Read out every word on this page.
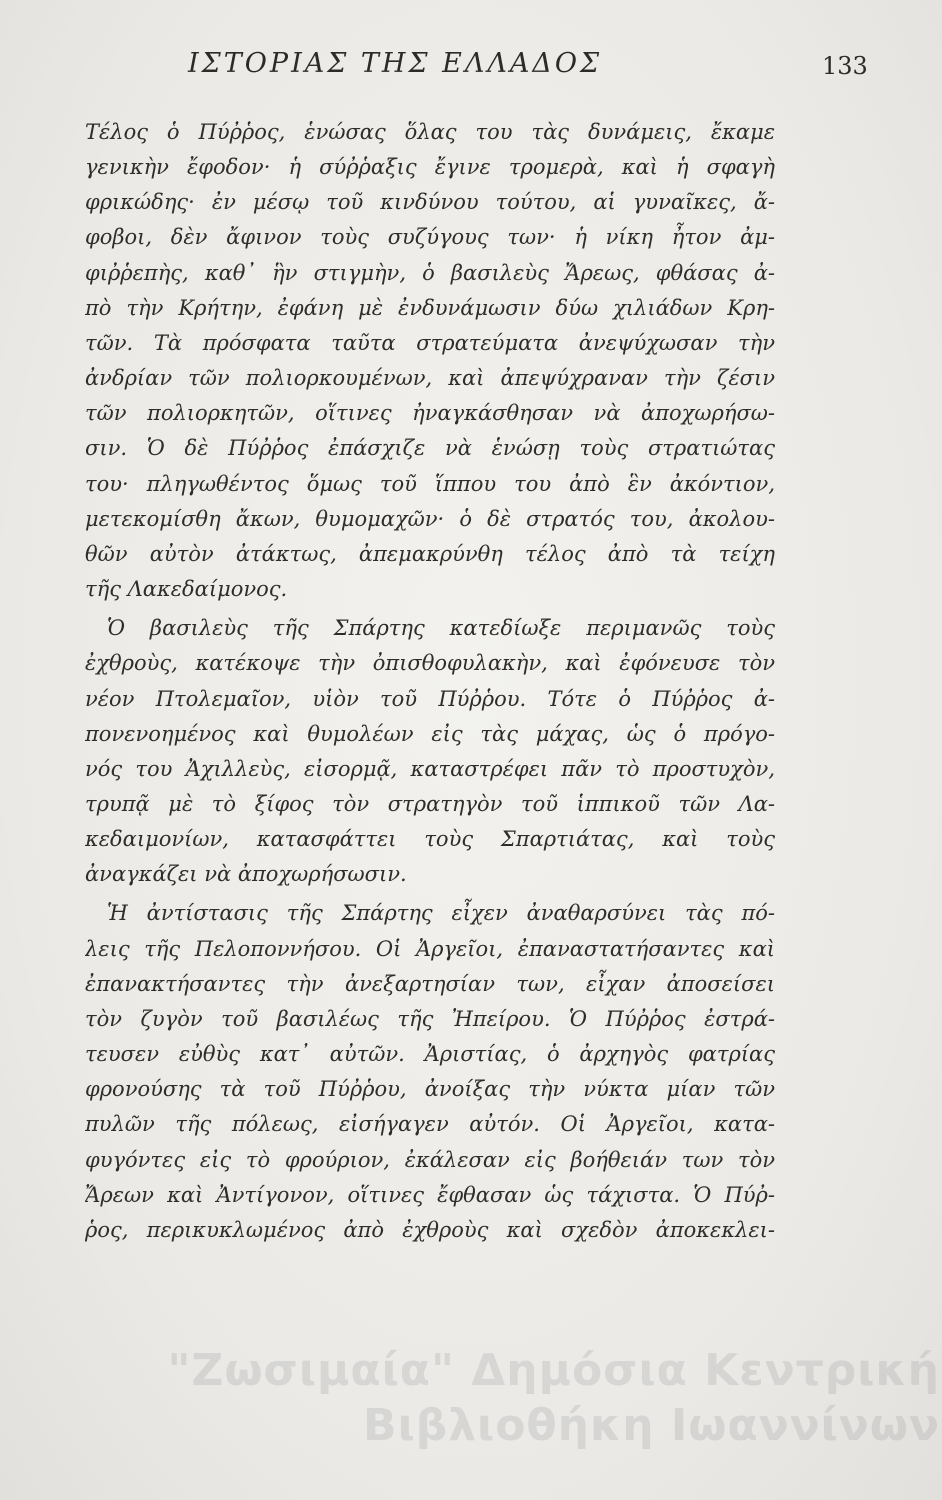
ΙΣΤΟΡΙΑΣ ΤΗΣ ΕΛΛΑΔΟΣ	133
Τέλος ὁ Πύῤῥος, ἑνώσας ὅλας του τὰς δυνάμεις, ἔκαμε
γενικὴν ἔφοδον· ἡ σύῤῥαξις ἔγινε τρομερὰ, καὶ ἡ σφαγὴ
φρικώδης· ἐν μέσῳ τοῦ κινδύνου τούτου, αἱ γυναῖκες, ἄ-
φοβοι, δὲν ἄφινον τοὺς συζύγους των· ἡ νίκη ἦτον ἀμ-
φιῤῥεπὴς, καθ᾿ ἣν στιγμὴν, ὁ βασιλεὺς Ἄρεως, φθάσας ἀ-
πὸ τὴν Κρήτην, ἐφάνη μὲ ἐνδυνάμωσιν δύω χιλιάδων Κρη-
τῶν. Τὰ πρόσφατα ταῦτα στρατεύματα ἀνεψύχωσαν τὴν
ἀνδρίαν τῶν πολιορκουμένων, καὶ ἀπεψύχραναν τὴν ζέσιν
τῶν πολιορκητῶν, οἵτινες ἠναγκάσθησαν νὰ ἀποχωρήσω-
σιν. Ὁ δὲ Πύῤῥος ἐπάσχιζε νὰ ἑνώσῃ τοὺς στρατιώτας
του· πληγωθέντος ὅμως τοῦ ἵππου του ἀπὸ ἓν ἀκόντιον,
μετεκομίσθη ἄκων, θυμομαχῶν· ὁ δὲ στρατός του, ἀκολου-
θῶν αὐτὸν ἀτάκτως, ἀπεμακρύνθη τέλος ἀπὸ τὰ τείχη
τῆς Λακεδαίμονος.
Ὁ βασιλεὺς τῆς Σπάρτης κατεδίωξε περιμανῶς τοὺς
ἐχθροὺς, κατέκοψε τὴν ὀπισθοφυλακὴν, καὶ ἐφόνευσε τὸν
νέον Πτολεμαῖον, υἱὸν τοῦ Πύῤῥου. Τότε ὁ Πύῤῥος ἀ-
πονενοημένος καὶ θυμολέων εἰς τὰς μάχας, ὡς ὁ πρόγο-
νός του Ἀχιλλεὺς, εἰσορμᾷ, καταστρέφει πᾶν τὸ προστυχὸν,
τρυπᾷ μὲ τὸ ξίφος τὸν στρατηγὸν τοῦ ἱππικοῦ τῶν Λα-
κεδαιμονίων, κατασφάττει τοὺς Σπαρτιάτας, καὶ τοὺς
ἀναγκάζει νὰ ἀποχωρήσωσιν.
Ἡ ἀντίστασις τῆς Σπάρτης εἶχεν ἀναθαρσύνει τὰς πό-
λεις τῆς Πελοποννήσου. Οἱ Ἀργεῖοι, ἐπαναστατήσαντες καὶ
ἐπανακτήσαντες τὴν ἀνεξαρτησίαν των, εἶχαν ἀποσείσει
τὸν ζυγὸν τοῦ βασιλέως τῆς Ἠπείρου. Ὁ Πύῤῥος ἐστρά-
τευσεν εὐθὺς κατ᾿ αὐτῶν. Ἀριστίας, ὁ ἀρχηγὸς φατρίας
φρονούσης τὰ τοῦ Πύῤῥου, ἀνοίξας τὴν νύκτα μίαν τῶν
πυλῶν τῆς πόλεως, εἰσήγαγεν αὐτόν. Οἱ Ἀργεῖοι, κατα-
φυγόντες εἰς τὸ φρούριον, ἐκάλεσαν εἰς βοήθειάν των τὸν
Ἄρεων καὶ Ἀντίγονον, οἵτινες ἔφθασαν ὡς τάχιστα. Ὁ Πύῤ-
ῥος, περικυκλωμένος ἀπὸ ἐχθροὺς καὶ σχεδὸν ἀποκεκλει-
"Ζωσιμαία" Δημόσια Κεντρική
Βιβλιοθήκη Ιωαννίνων
